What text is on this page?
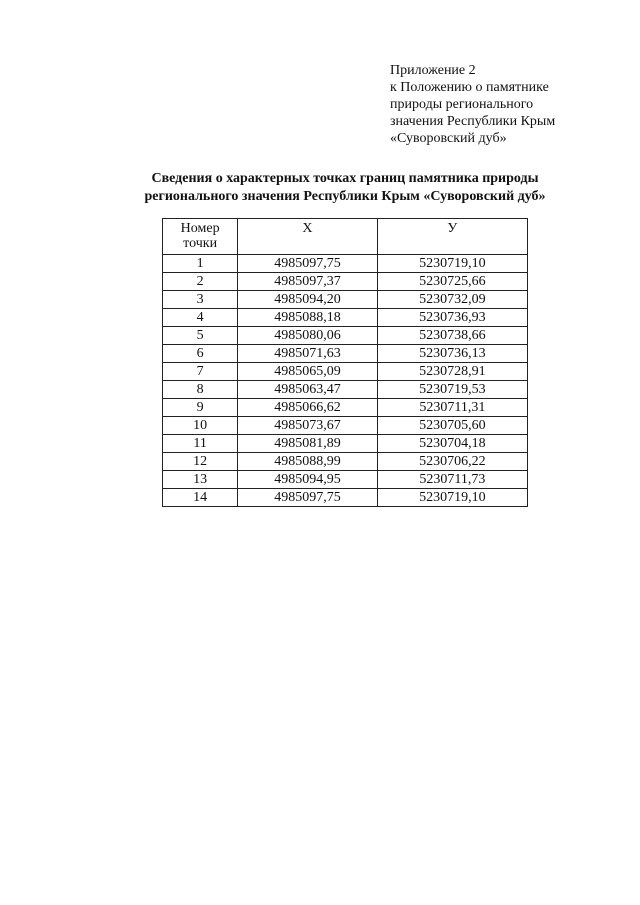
Приложение 2
к Положению о памятнике
природы регионального
значения Республики Крым
«Суворовский дуб»
Сведения о характерных точках границ памятника природы
регионального значения Республики Крым «Суворовский дуб»
Номер
точки	Х	У
1	4985097,75	5230719,10
2	4985097,37	5230725,66
3	4985094,20	5230732,09
4	4985088,18	5230736,93
5	4985080,06	5230738,66
6	4985071,63	5230736,13
7	4985065,09	5230728,91
8	4985063,47	5230719,53
9	4985066,62	5230711,31
10	4985073,67	5230705,60
11	4985081,89	5230704,18
12	4985088,99	5230706,22
13	4985094,95	5230711,73
14	4985097,75	5230719,10
